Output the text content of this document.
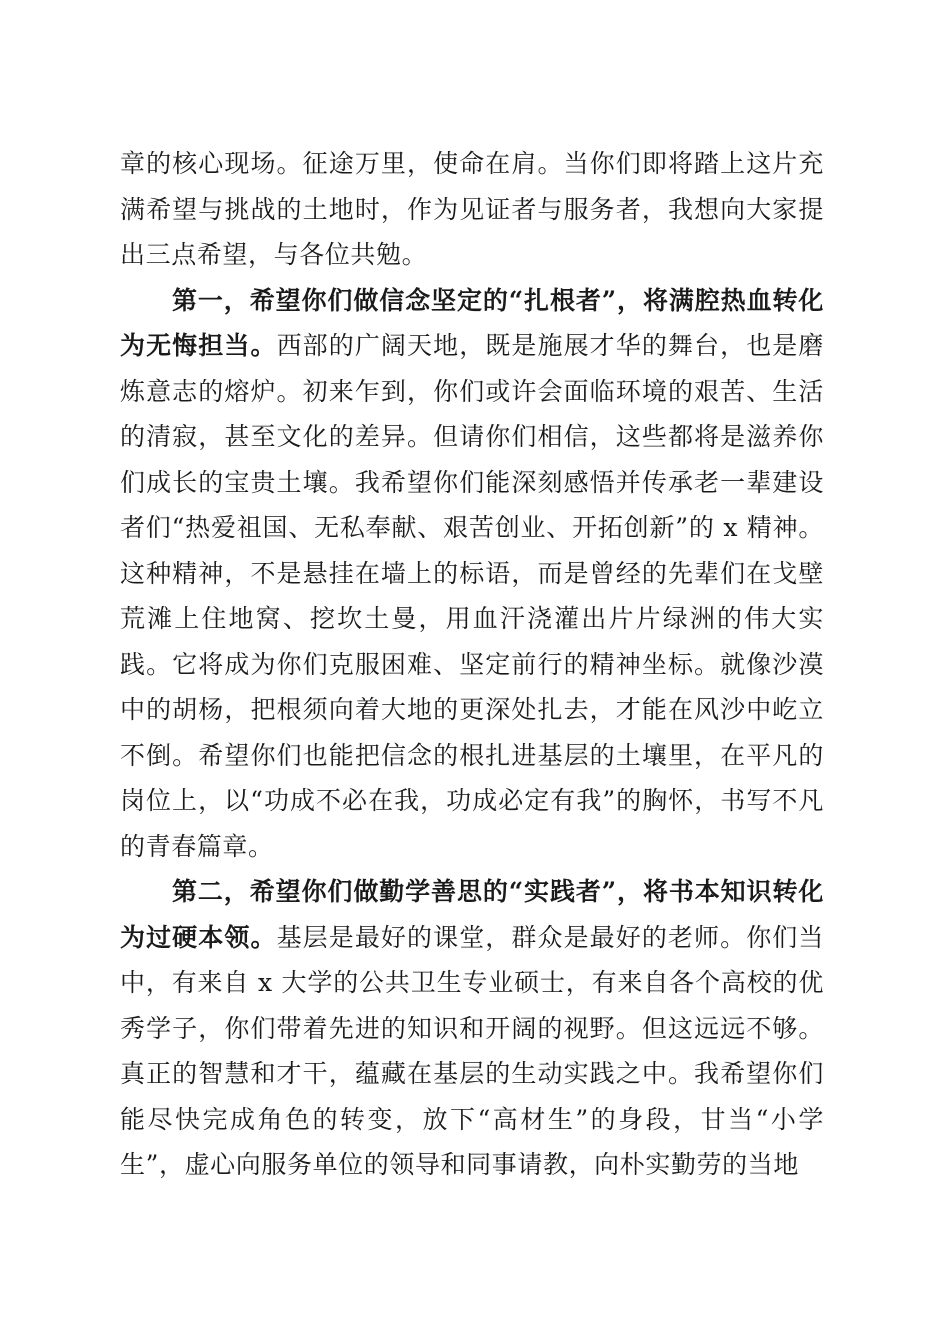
章的核心现场。征途万里，使命在肩。当你们即将踏上这片充满希望与挑战的土地时，作为见证者与服务者，我想向大家提出三点希望，与各位共勉。

第一，希望你们做信念坚定的“扎根者”，将满腔热血转化为无悔担当。西部的广阔天地，既是施展才华的舞台，也是磨炼意志的熔炉。初来乍到，你们或许会面临环境的艰苦、生活的清寂，甚至文化的差异。但请你们相信，这些都将是滋养你们成长的宝贵土壤。我希望你们能深刻感悟并传承老一辈建设者们“热爱祖国、无私奉献、艰苦创业、开拓创新”的 x 精神。这种精神，不是悬挂在墙上的标语，而是曾经的先辈们在戈壁荒滩上住地窝、挖坎土曼，用血汗浇灌出片片绿洲的伟大实践。它将成为你们克服困难、坚定前行的精神坐标。就像沙漠中的胡杨，把根须向着大地的更深处扎去，才能在风沙中屹立不倒。希望你们也能把信念的根扎进基层的土壤里，在平凡的岗位上，以“功成不必在我，功成必定有我”的胸怀，书写不凡的青春篇章。

第二，希望你们做勤学善思的“实践者”，将书本知识转化为过硬本领。基层是最好的课堂，群众是最好的老师。你们当中，有来自 x 大学的公共卫生专业硕士，有来自各个高校的优秀学子，你们带着先进的知识和开阔的视野。但这远远不够。真正的智慧和才干，蕴藏在基层的生动实践之中。我希望你们能尽快完成角色的转变，放下“高材生”的身段，甘当“小学生”，虚心向服务单位的领导和同事请教，向朴实勤劳的当地
